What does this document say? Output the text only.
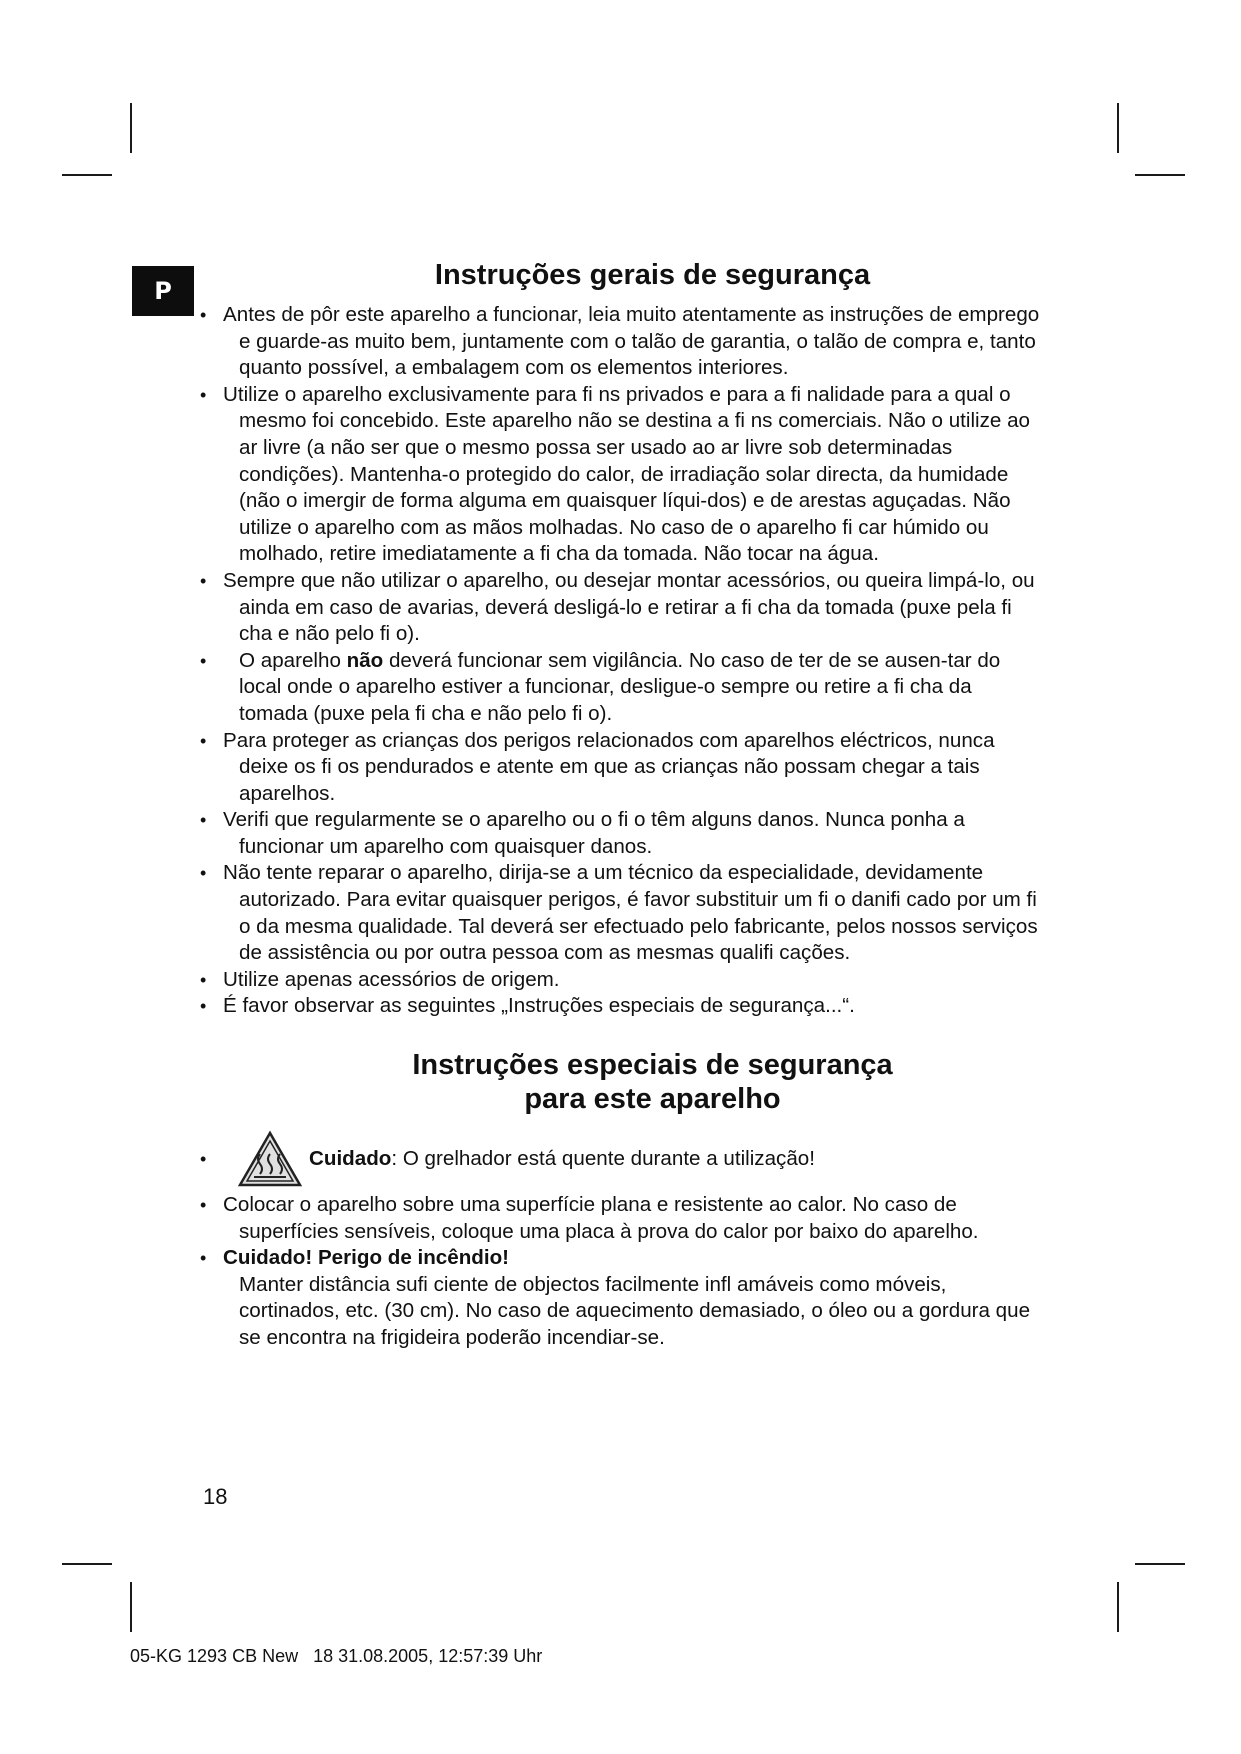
P	Instruções gerais de segurança
• Antes de pôr este aparelho a funcionar, leia muito atentamente as instruções de emprego e guarde-as muito bem, juntamente com o talão de garantia, o talão de compra e, tanto quanto possível, a embalagem com os elementos interiores.
• Utilize o aparelho exclusivamente para fi ns privados e para a fi nalidade para a qual o mesmo foi concebido. Este aparelho não se destina a fi ns comerciais. Não o utilize ao ar livre (a não ser que o mesmo possa ser usado ao ar livre sob determinadas condições). Mantenha-o protegido do calor, de irradiação solar directa, da humidade (não o imergir de forma alguma em quaisquer líqui-dos) e de arestas aguçadas. Não utilize o aparelho com as mãos molhadas. No caso de o aparelho fi car húmido ou molhado, retire imediatamente a fi cha da tomada. Não tocar na água.
• Sempre que não utilizar o aparelho, ou desejar montar acessórios, ou queira limpá-lo, ou ainda em caso de avarias, deverá desligá-lo e retirar a fi cha da tomada (puxe pela fi cha e não pelo fi o).
• O aparelho não deverá funcionar sem vigilância. No caso de ter de se ausen-tar do local onde o aparelho estiver a funcionar, desligue-o sempre ou retire a fi cha da tomada (puxe pela fi cha e não pelo fi o).
• Para proteger as crianças dos perigos relacionados com aparelhos eléctricos, nunca deixe os fi os pendurados e atente em que as crianças não possam chegar a tais aparelhos.
• Verifi que regularmente se o aparelho ou o fi o têm alguns danos. Nunca ponha a funcionar um aparelho com quaisquer danos.
• Não tente reparar o aparelho, dirija-se a um técnico da especialidade, devidamente autorizado. Para evitar quaisquer perigos, é favor substituir um fi o danifi cado por um fi o da mesma qualidade. Tal deverá ser efectuado pelo fabricante, pelos nossos serviços de assistência ou por outra pessoa com as mesmas qualifi cações.
• Utilize apenas acessórios de origem.
• É favor observar as seguintes „Instruções especiais de segurança...“.
Instruções especiais de segurança
para este aparelho
• Cuidado: O grelhador está quente durante a utilização!
• Colocar o aparelho sobre uma superfície plana e resistente ao calor. No caso de superfícies sensíveis, coloque uma placa à prova do calor por baixo do aparelho.
• Cuidado! Perigo de incêndio!
Manter distância sufi ciente de objectos facilmente infl amáveis como móveis, cortinados, etc. (30 cm). No caso de aquecimento demasiado, o óleo ou a gordura que se encontra na frigideira poderão incendiar-se.
18
05-KG 1293 CB New   18 31.08.2005, 12:57:39 Uhr
